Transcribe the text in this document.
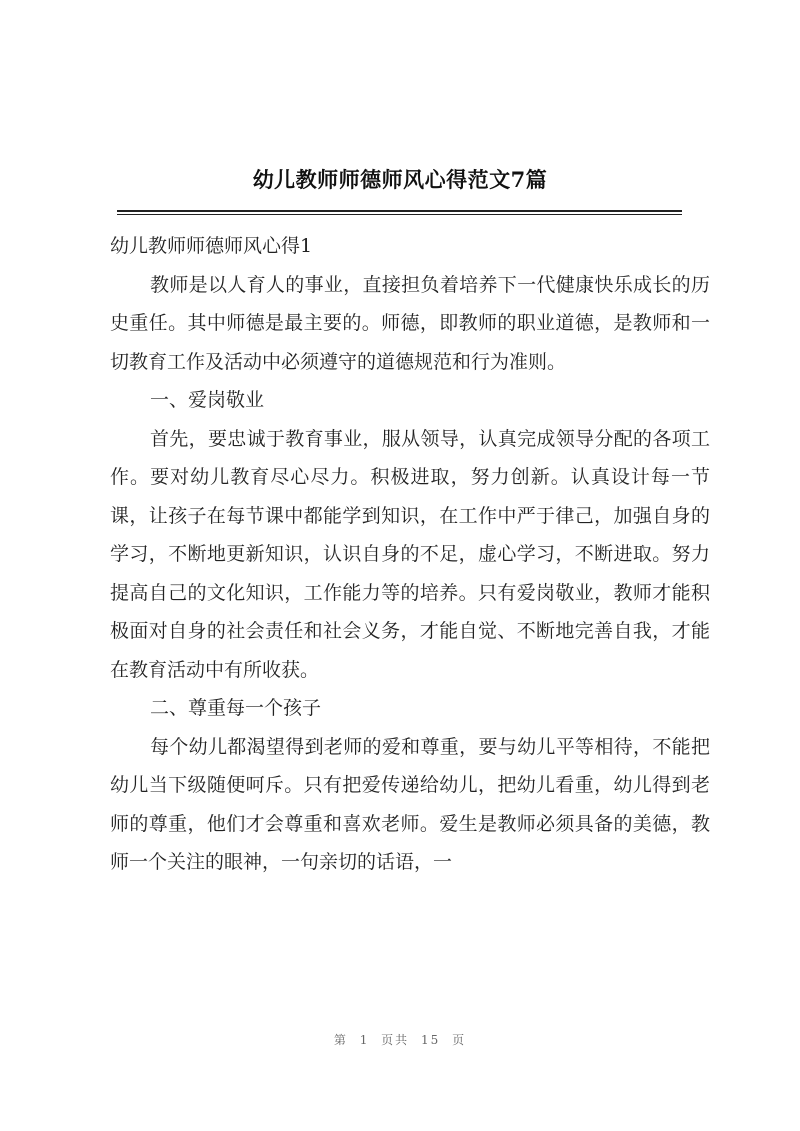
幼儿教师师德师风心得范文7篇

幼儿教师师德师风心得1

教师是以人育人的事业，直接担负着培养下一代健康快乐成长的历史重任。其中师德是最主要的。师德，即教师的职业道德，是教师和一切教育工作及活动中必须遵守的道德规范和行为准则。

一、爱岗敬业

首先，要忠诚于教育事业，服从领导，认真完成领导分配的各项工作。要对幼儿教育尽心尽力。积极进取，努力创新。认真设计每一节课，让孩子在每节课中都能学到知识，在工作中严于律己，加强自身的学习，不断地更新知识，认识自身的不足，虚心学习，不断进取。努力提高自己的文化知识，工作能力等的培养。只有爱岗敬业，教师才能积极面对自身的社会责任和社会义务，才能自觉、不断地完善自我，才能在教育活动中有所收获。

二、尊重每一个孩子

每个幼儿都渴望得到老师的爱和尊重，要与幼儿平等相待，不能把幼儿当下级随便呵斥。只有把爱传递给幼儿，把幼儿看重，幼儿得到老师的尊重，他们才会尊重和喜欢老师。爱生是教师必须具备的美德，教师一个关注的眼神，一句亲切的话语，一

第 1 页共 15 页
